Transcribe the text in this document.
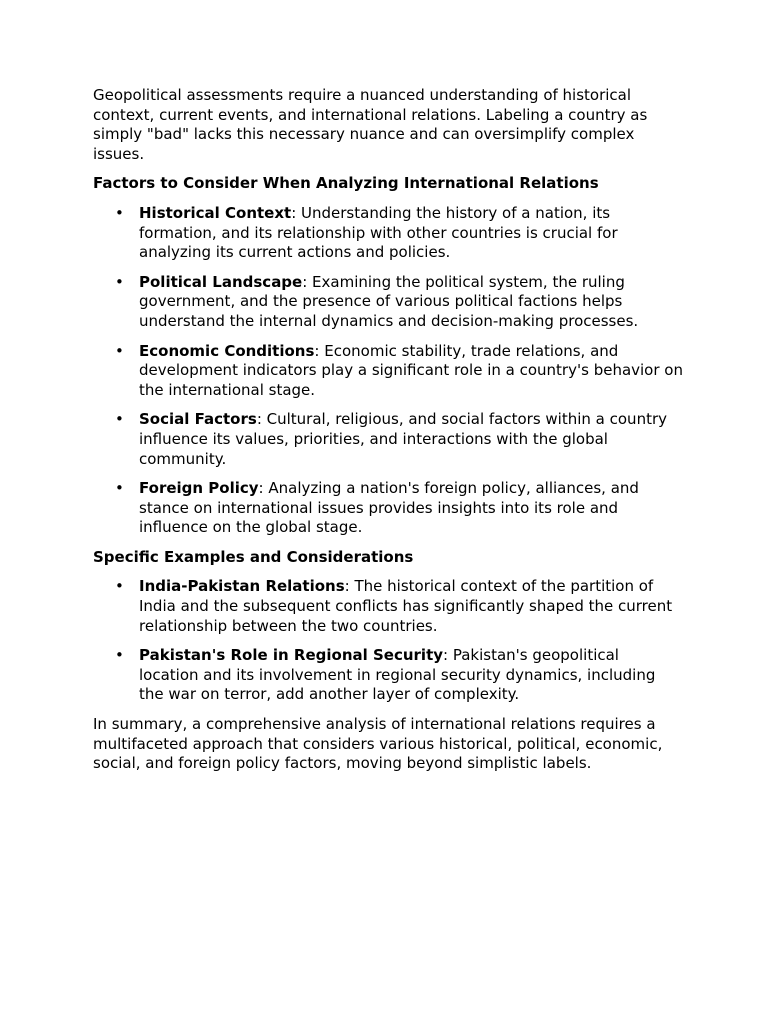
Geopolitical assessments require a nuanced understanding of historical context, current events, and international relations. Labeling a country as simply "bad" lacks this necessary nuance and can oversimplify complex issues.

Factors to Consider When Analyzing International Relations
• Historical Context: Understanding the history of a nation, its formation, and its relationship with other countries is crucial for analyzing its current actions and policies.
• Political Landscape: Examining the political system, the ruling government, and the presence of various political factions helps understand the internal dynamics and decision-making processes.
• Economic Conditions: Economic stability, trade relations, and development indicators play a significant role in a country's behavior on the international stage.
• Social Factors: Cultural, religious, and social factors within a country influence its values, priorities, and interactions with the global community.
• Foreign Policy: Analyzing a nation's foreign policy, alliances, and stance on international issues provides insights into its role and influence on the global stage.
Specific Examples and Considerations
• India-Pakistan Relations: The historical context of the partition of India and the subsequent conflicts has significantly shaped the current relationship between the two countries.
• Pakistan's Role in Regional Security: Pakistan's geopolitical location and its involvement in regional security dynamics, including the war on terror, add another layer of complexity.

In summary, a comprehensive analysis of international relations requires a multifaceted approach that considers various historical, political, economic, social, and foreign policy factors, moving beyond simplistic labels.
